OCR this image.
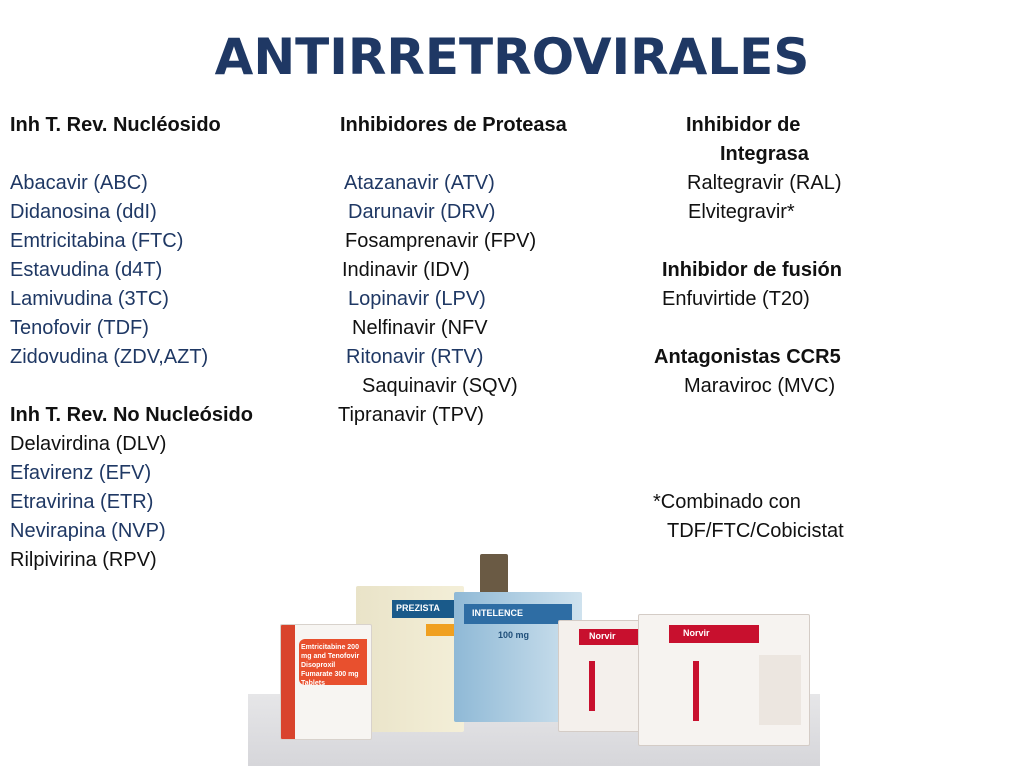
ANTIRRETROVIRALES
Inh T. Rev. Nucléosido
Abacavir (ABC)
Didanosina (ddI)
Emtricitabina (FTC)
Estavudina (d4T)
Lamivudina (3TC)
Tenofovir (TDF)
Zidovudina (ZDV,AZT)
Inh T. Rev. No Nucleósido
Delavirdina (DLV)
Efavirenz (EFV)
Etravirina (ETR)
Nevirapina (NVP)
Rilpivirina (RPV)
Inhibidores de Proteasa
Atazanavir (ATV)
Darunavir (DRV)
Fosamprenavir (FPV)
Indinavir (IDV)
Lopinavir (LPV)
Nelfinavir (NFV
Ritonavir (RTV)
Saquinavir (SQV)
Tipranavir (TPV)
Inhibidor de
Integrasa
Raltegravir (RAL)
Elvitegravir*
Inhibidor de fusión
Enfuvirtide (T20)
Antagonistas CCR5
Maraviroc (MVC)
*Combinado con
TDF/FTC/Cobicistat
PREZISTA
Emtricitabine 200 mg and Tenofovir Disoproxil Fumarate 300 mg Tablets
INTELENCE
100 mg	Norvir	Norvir
